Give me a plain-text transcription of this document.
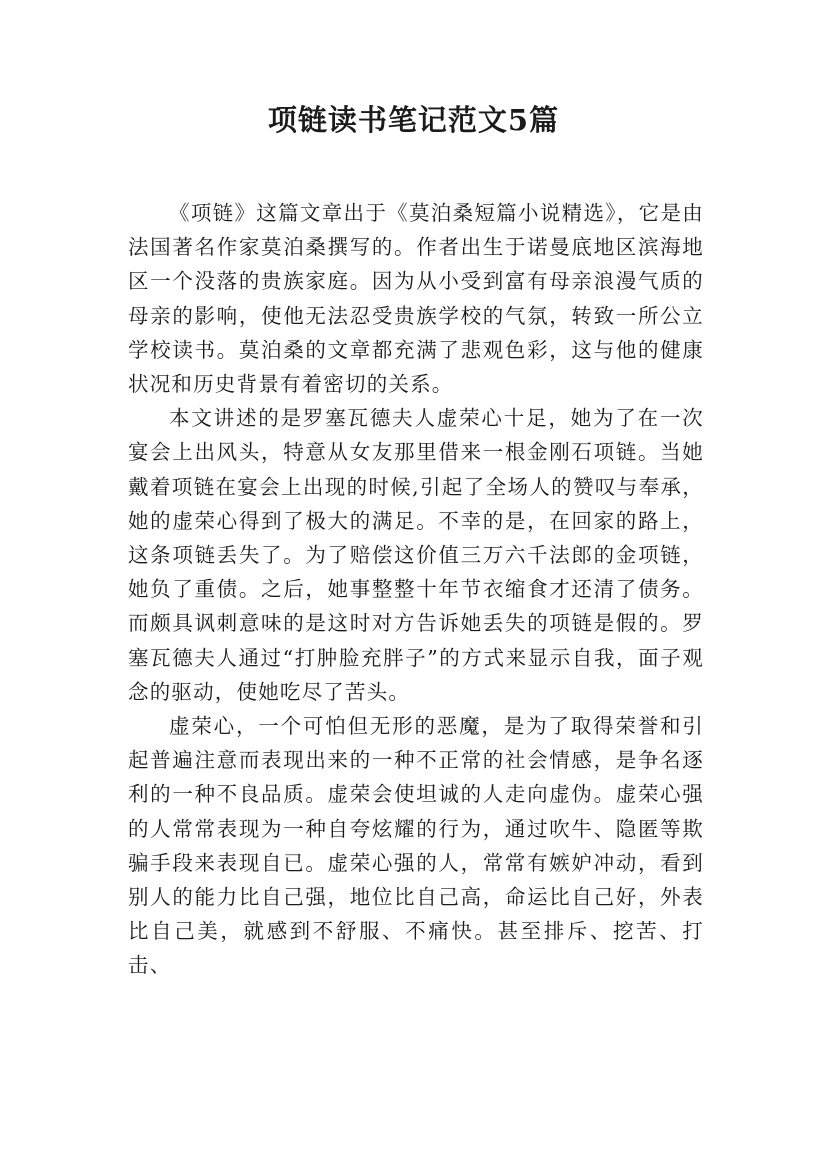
项链读书笔记范文5篇

《项链》这篇文章出于《莫泊桑短篇小说精选》，它是由法国著名作家莫泊桑撰写的。作者出生于诺曼底地区滨海地区一个没落的贵族家庭。因为从小受到富有母亲浪漫气质的母亲的影响，使他无法忍受贵族学校的气氛，转致一所公立学校读书。莫泊桑的文章都充满了悲观色彩，这与他的健康状况和历史背景有着密切的关系。

本文讲述的是罗塞瓦德夫人虚荣心十足，她为了在一次宴会上出风头，特意从女友那里借来一根金刚石项链。当她戴着项链在宴会上出现的时候,引起了全场人的赞叹与奉承，她的虚荣心得到了极大的满足。不幸的是，在回家的路上，这条项链丢失了。为了赔偿这价值三万六千法郎的金项链，她负了重债。之后，她事整整十年节衣缩食才还清了债务。而颇具讽刺意味的是这时对方告诉她丢失的项链是假的。罗塞瓦德夫人通过“打肿脸充胖子”的方式来显示自我，面子观念的驱动，使她吃尽了苦头。

虚荣心，一个可怕但无形的恶魔，是为了取得荣誉和引起普遍注意而表现出来的一种不正常的社会情感，是争名逐利的一种不良品质。虚荣会使坦诚的人走向虚伪。虚荣心强的人常常表现为一种自夸炫耀的行为，通过吹牛、隐匿等欺骗手段来表现自已。虚荣心强的人，常常有嫉妒冲动，看到别人的能力比自己强，地位比自己高，命运比自己好，外表比自己美，就感到不舒服、不痛快。甚至排斥、挖苦、打击、
